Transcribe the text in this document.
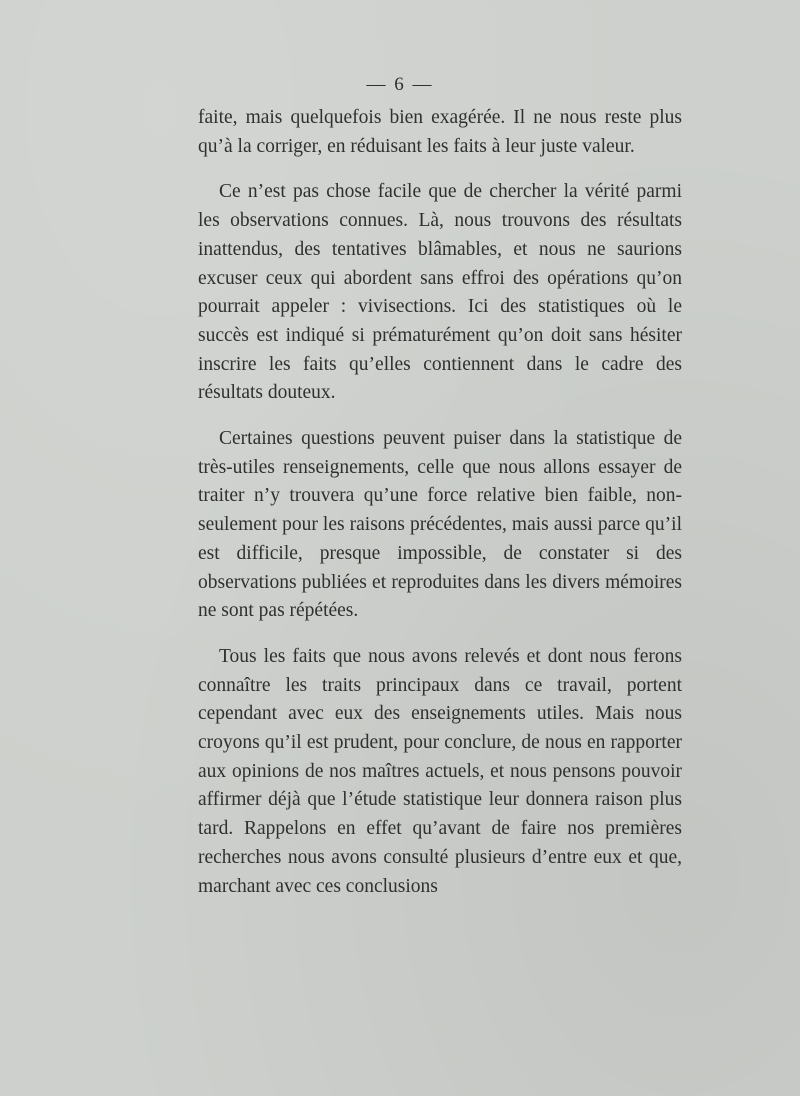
— 6 —

faite, mais quelquefois bien exagérée. Il ne nous reste plus qu’à la corriger, en réduisant les faits à leur juste valeur.

Ce n’est pas chose facile que de chercher la vérité parmi les observations connues. Là, nous trouvons des résultats inattendus, des tentatives blâmables, et nous ne saurions excuser ceux qui abordent sans effroi des opérations qu’on pourrait appeler : vivisections. Ici des statistiques où le succès est indiqué si prématurément qu’on doit sans hésiter inscrire les faits qu’elles contiennent dans le cadre des résultats douteux.

Certaines questions peuvent puiser dans la statistique de très-utiles renseignements, celle que nous allons essayer de traiter n’y trouvera qu’une force relative bien faible, non-seulement pour les raisons précédentes, mais aussi parce qu’il est difficile, presque impossible, de constater si des observations publiées et reproduites dans les divers mémoires ne sont pas répétées.

Tous les faits que nous avons relevés et dont nous ferons connaître les traits principaux dans ce travail, portent cependant avec eux des enseignements utiles. Mais nous croyons qu’il est prudent, pour conclure, de nous en rapporter aux opinions de nos maîtres actuels, et nous pensons pouvoir affirmer déjà que l’étude statistique leur donnera raison plus tard. Rappelons en effet qu’avant de faire nos premières recherches nous avons consulté plusieurs d’entre eux et que, marchant avec ces conclusions
